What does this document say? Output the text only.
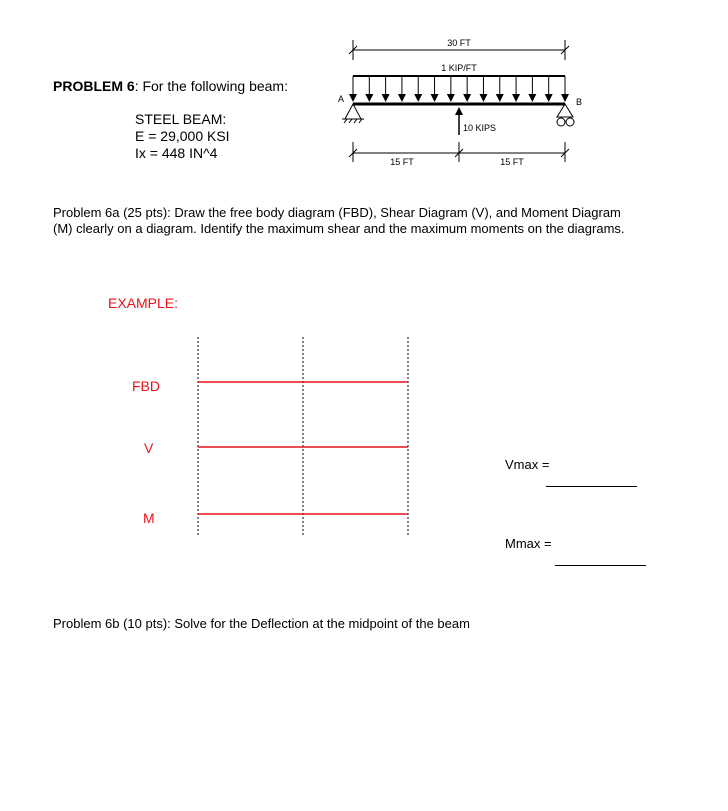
PROBLEM 6: For the following beam:
STEEL BEAM:
E = 29,000 KSI
Ix = 448 IN^4
30 FT
1 KIP/FT
A	B
10 KIPS
15 FT	15 FT
Problem 6a (25 pts): Draw the free body diagram (FBD), Shear Diagram (V), and Moment Diagram
(M) clearly on a diagram. Identify the maximum shear and the maximum moments on the diagrams.
EXAMPLE:
FBD
V
M
Vmax =
Mmax =
Problem 6b (10 pts): Solve for the Deflection at the midpoint of the beam
